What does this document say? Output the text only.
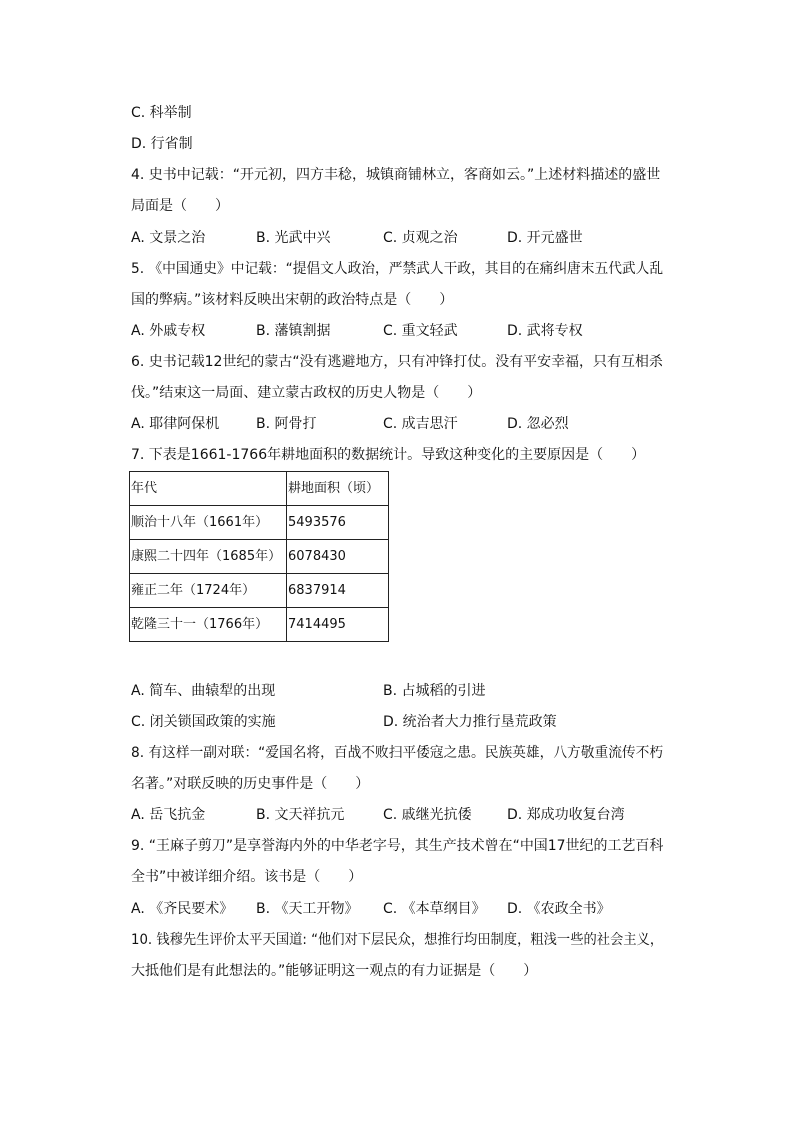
C. 科举制
D. 行省制
4. 史书中记载：“开元初，四方丰稔，城镇商铺林立，客商如云。”上述材料描述的盛世
局面是（　　）
A. 文景之治	B. 光武中兴	C. 贞观之治	D. 开元盛世
5. 《中国通史》中记载：“提倡文人政治，严禁武人干政，其目的在痛纠唐末五代武人乱
国的弊病。”该材料反映出宋朝的政治特点是（　　）
A. 外戚专权	B. 藩镇割据	C. 重文轻武	D. 武将专权
6. 史书记载12世纪的蒙古“没有逃避地方，只有冲锋打仗。没有平安幸福，只有互相杀
伐。”结束这一局面、建立蒙古政权的历史人物是（　　）
A. 耶律阿保机	B. 阿骨打	C. 成吉思汗	D. 忽必烈
7. 下表是1661-1766年耕地面积的数据统计。导致这种变化的主要原因是（　　）
年代	耕地面积（顷）
顺治十八年（1661年）	5493576
康熙二十四年（1685年）	6078430
雍正二年（1724年）	6837914
乾隆三十一（1766年）	7414495
A. 简车、曲辕犁的出现	B. 占城稻的引进
C. 闭关锁国政策的实施	D. 统治者大力推行垦荒政策
8. 有这样一副对联：“爱国名将，百战不败扫平倭寇之患。民族英雄，八方敬重流传不朽
名著。”对联反映的历史事件是（　　）
A. 岳飞抗金	B. 文天祥抗元	C. 戚继光抗倭	D. 郑成功收复台湾
9. “王麻子剪刀”是享誉海内外的中华老字号，其生产技术曾在“中国17世纪的工艺百科
全书”中被详细介绍。该书是（　　）
A. 《齐民要术》 B. 《天工开物》 C. 《本草纲目》 D. 《农政全书》
10. 钱穆先生评价太平天国道: “他们对下层民众，想推行均田制度，粗浅一些的社会主义，
大抵他们是有此想法的。”能够证明这一观点的有力证据是（　　）
